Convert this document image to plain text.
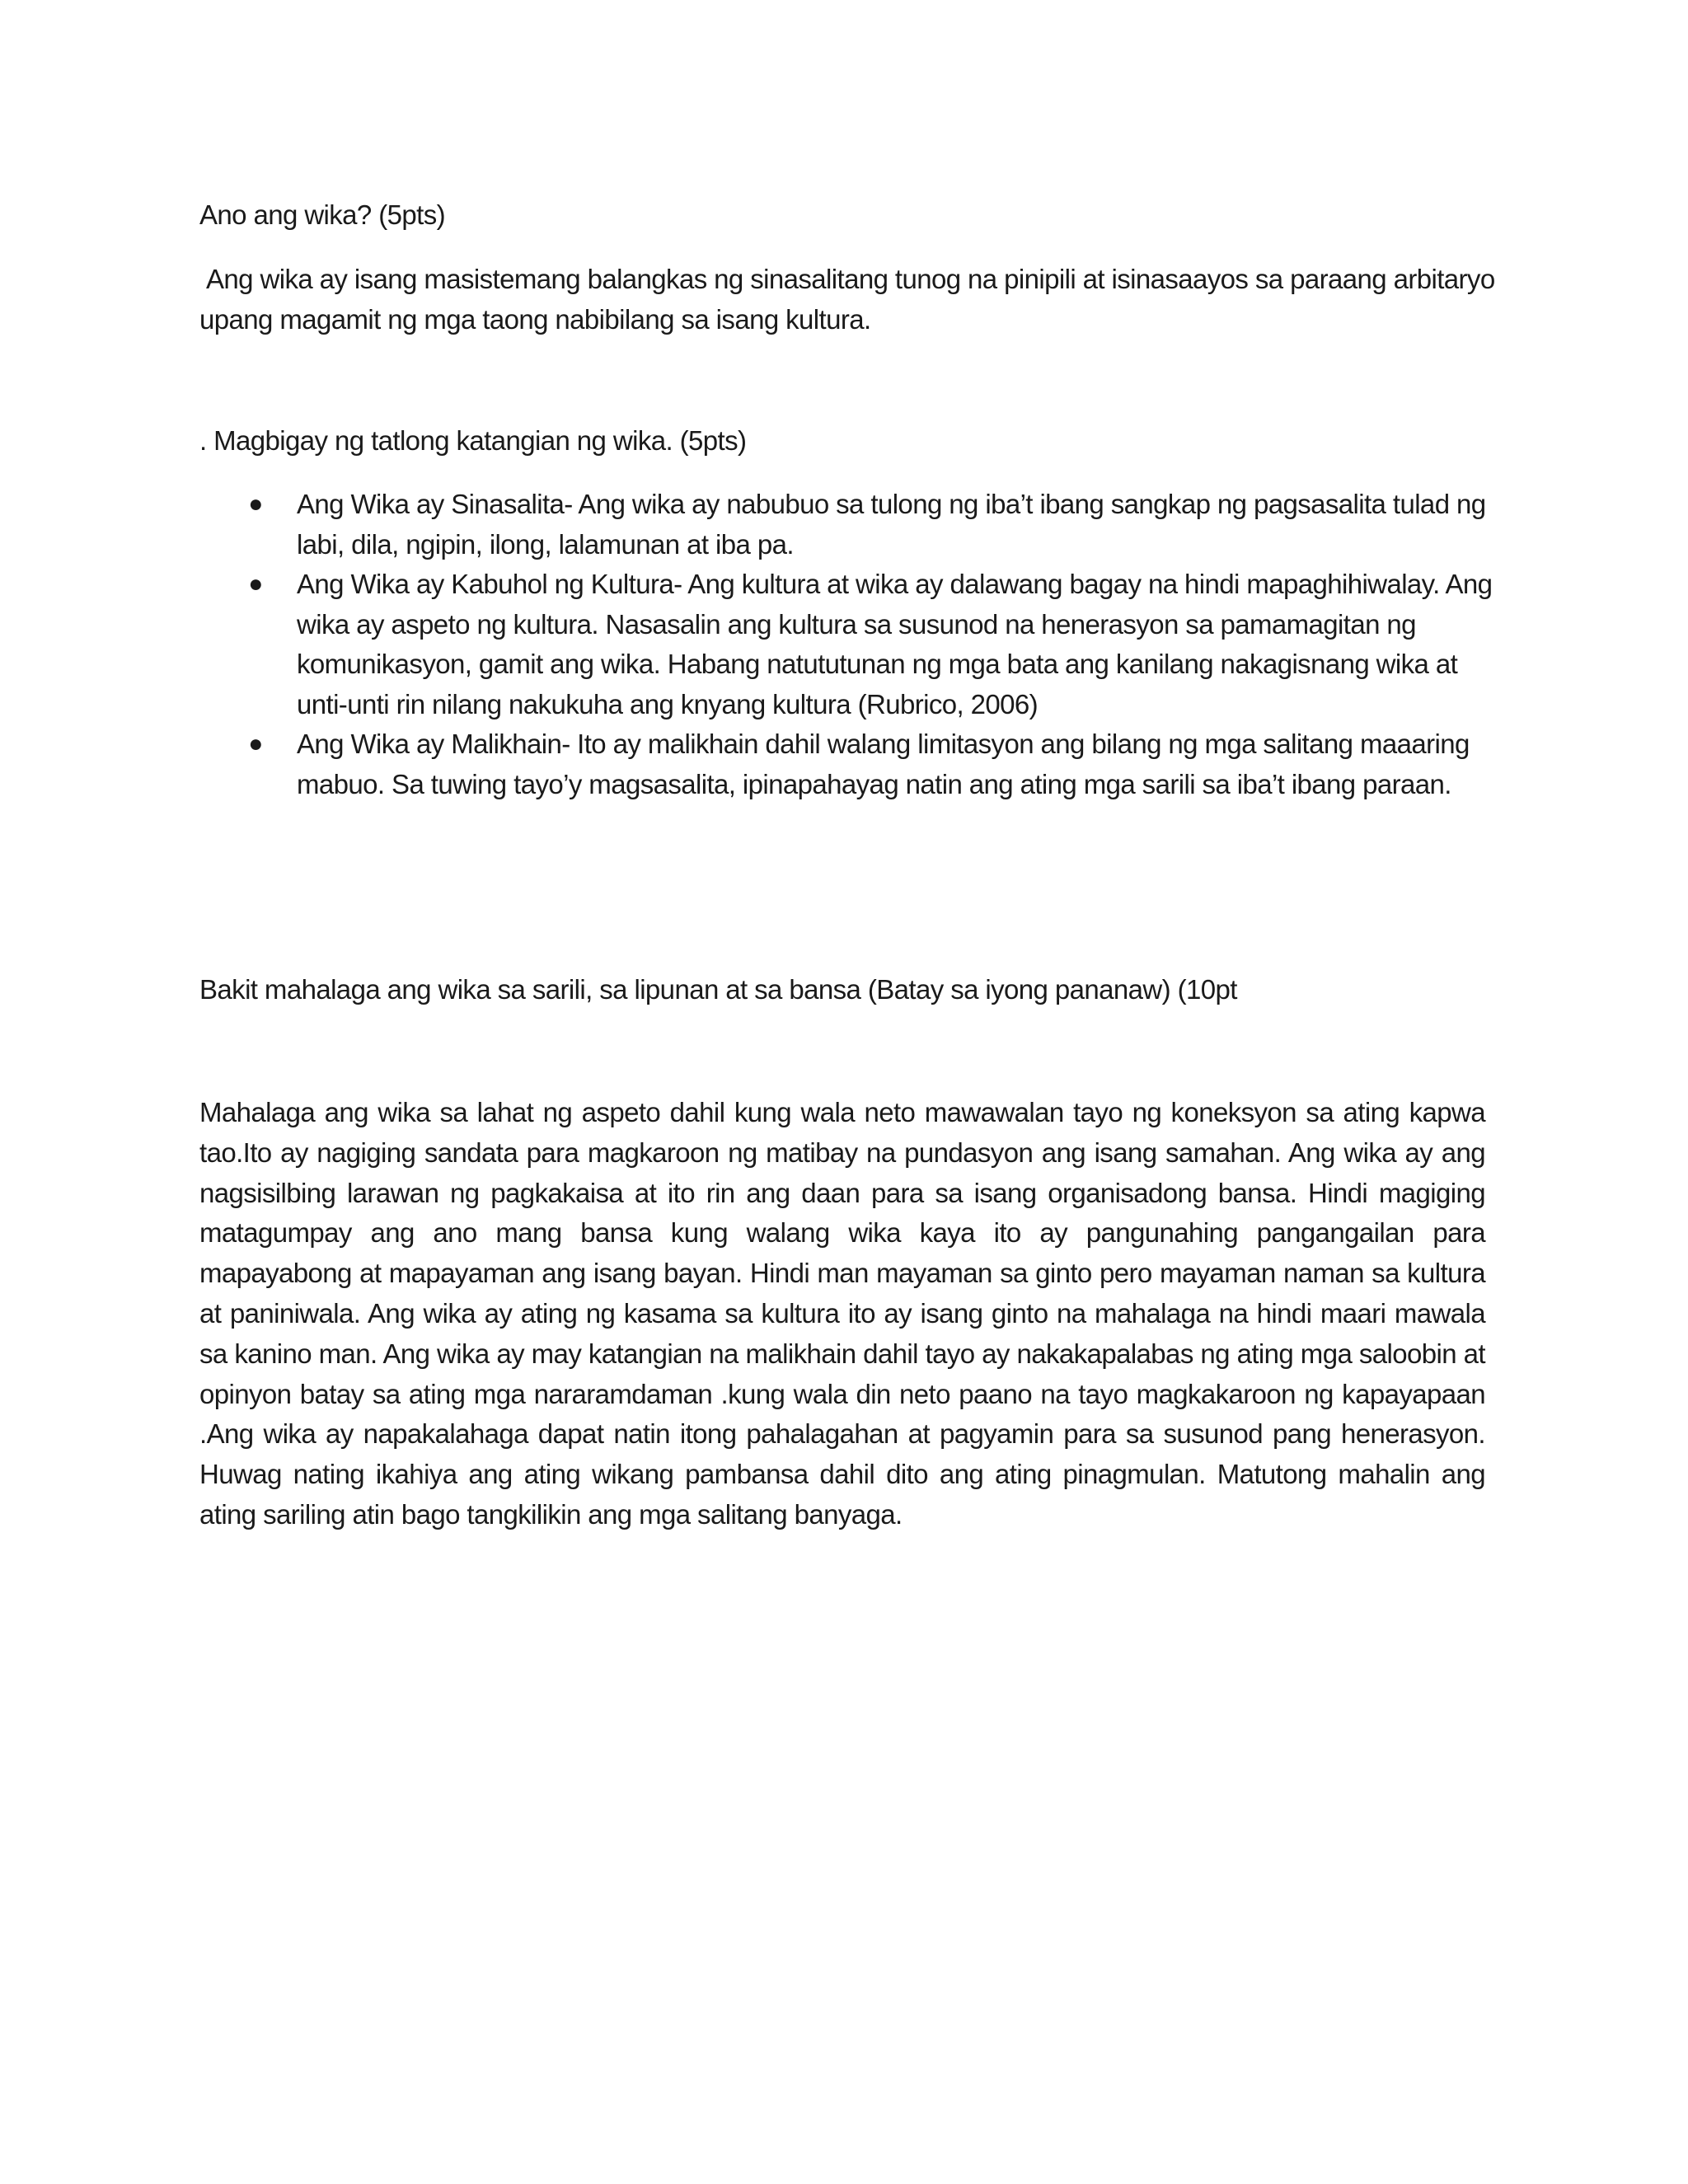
Ano ang wika? (5pts)
Ang wika ay isang masistemang balangkas ng sinasalitang tunog na pinipili at isinasaayos sa paraang arbitaryo upang magamit ng mga taong nabibilang sa isang kultura.
. Magbigay ng tatlong katangian ng wika. (5pts)
● Ang Wika ay Sinasalita- Ang wika ay nabubuo sa tulong ng iba’t ibang sangkap ng pagsasalita tulad ng labi, dila, ngipin, ilong, lalamunan at iba pa.
● Ang Wika ay Kabuhol ng Kultura- Ang kultura at wika ay dalawang bagay na hindi mapaghihiwalay. Ang wika ay aspeto ng kultura. Nasasalin ang kultura sa susunod na henerasyon sa pamamagitan ng komunikasyon, gamit ang wika. Habang natututunan ng mga bata ang kanilang nakagisnang wika at unti-unti rin nilang nakukuha ang knyang kultura (Rubrico, 2006)
● Ang Wika ay Malikhain- Ito ay malikhain dahil walang limitasyon ang bilang ng mga salitang maaaring mabuo. Sa tuwing tayo’y magsasalita, ipinapahayag natin ang ating mga sarili sa iba’t ibang paraan.
Bakit mahalaga ang wika sa sarili, sa lipunan at sa bansa (Batay sa iyong pananaw) (10pt
Mahalaga ang wika sa lahat ng aspeto dahil kung wala neto mawawalan tayo ng koneksyon sa ating kapwa tao.Ito ay nagiging sandata para magkaroon ng matibay na pundasyon ang isang samahan. Ang wika ay ang nagsisilbing larawan ng pagkakaisa at ito rin ang daan para sa isang organisadong bansa. Hindi magiging matagumpay ang ano mang bansa kung walang wika kaya ito ay pangunahing pangangailan para mapayabong at mapayaman ang isang bayan. Hindi man mayaman sa ginto pero mayaman naman sa kultura at paniniwala. Ang wika ay ating ng kasama sa kultura ito ay isang ginto na mahalaga na hindi maari mawala sa kanino man. Ang wika ay may katangian na malikhain dahil tayo ay nakakapalabas ng ating mga saloobin at opinyon batay sa ating mga nararamdaman .kung wala din neto paano na tayo magkakaroon ng kapayapaan .Ang wika ay napakalahaga dapat natin itong pahalagahan at pagyamin para sa susunod pang henerasyon. Huwag nating ikahiya ang ating wikang pambansa dahil dito ang ating pinagmulan. Matutong mahalin ang ating sariling atin bago tangkilikin ang mga salitang banyaga.
